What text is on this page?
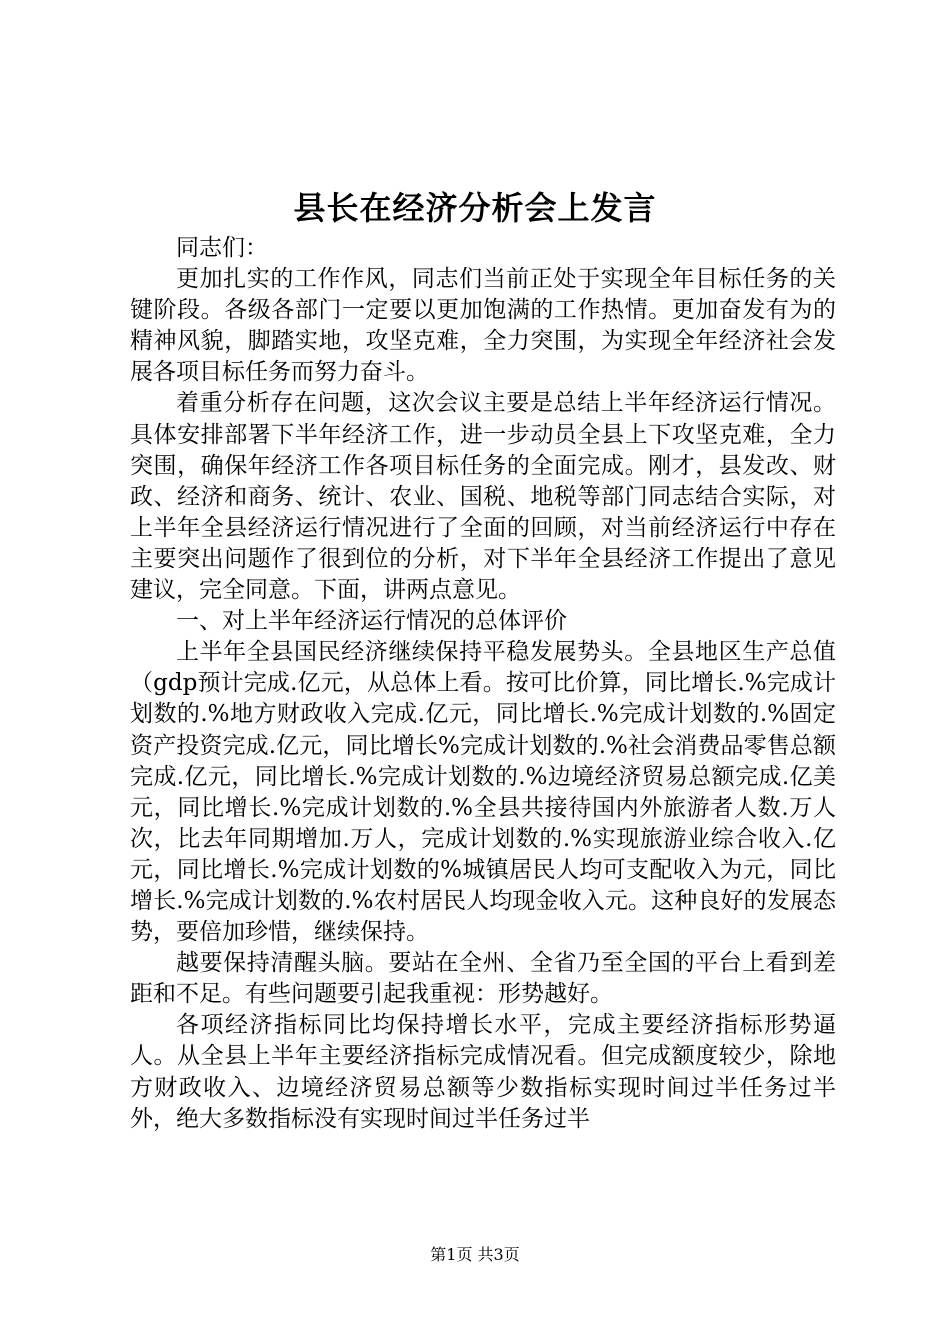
县长在经济分析会上发言

同志们：

更加扎实的工作作风，同志们当前正处于实现全年目标任务的关键阶段。各级各部门一定要以更加饱满的工作热情。更加奋发有为的精神风貌，脚踏实地，攻坚克难，全力突围，为实现全年经济社会发展各项目标任务而努力奋斗。

着重分析存在问题，这次会议主要是总结上半年经济运行情况。具体安排部署下半年经济工作，进一步动员全县上下攻坚克难，全力突围，确保年经济工作各项目标任务的全面完成。刚才，县发改、财政、经济和商务、统计、农业、国税、地税等部门同志结合实际，对上半年全县经济运行情况进行了全面的回顾，对当前经济运行中存在主要突出问题作了很到位的分析，对下半年全县经济工作提出了意见建议，完全同意。下面，讲两点意见。

一、对上半年经济运行情况的总体评价

上半年全县国民经济继续保持平稳发展势头。全县地区生产总值（gdp预计完成.亿元，从总体上看。按可比价算，同比增长.%完成计划数的.%地方财政收入完成.亿元，同比增长.%完成计划数的.%固定资产投资完成.亿元，同比增长%完成计划数的.%社会消费品零售总额完成.亿元，同比增长.%完成计划数的.%边境经济贸易总额完成.亿美元，同比增长.%完成计划数的.%全县共接待国内外旅游者人数.万人次，比去年同期增加.万人，完成计划数的.%实现旅游业综合收入.亿元，同比增长.%完成计划数的%城镇居民人均可支配收入为元，同比增长.%完成计划数的.%农村居民人均现金收入元。这种良好的发展态势，要倍加珍惜，继续保持。

越要保持清醒头脑。要站在全州、全省乃至全国的平台上看到差距和不足。有些问题要引起我重视：形势越好。

各项经济指标同比均保持增长水平，完成主要经济指标形势逼人。从全县上半年主要经济指标完成情况看。但完成额度较少，除地方财政收入、边境经济贸易总额等少数指标实现时间过半任务过半外，绝大多数指标没有实现时间过半任务过半

第1页 共3页
